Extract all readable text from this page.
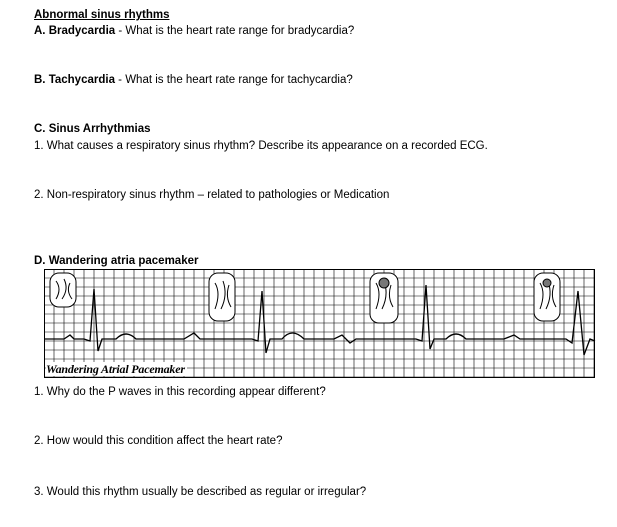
Abnormal sinus rhythms
A. Bradycardia - What is the heart rate range for bradycardia?
B. Tachycardia - What is the heart rate range for tachycardia?
C. Sinus Arrhythmias
1. What causes a respiratory sinus rhythm? Describe its appearance on a recorded ECG.
2. Non-respiratory sinus rhythm – related to pathologies or Medication
D. Wandering atria pacemaker
Wandering Atrial Pacemaker
1. Why do the P waves in this recording appear different?
2. How would this condition affect the heart rate?
3. Would this rhythm usually be described as regular or irregular?
